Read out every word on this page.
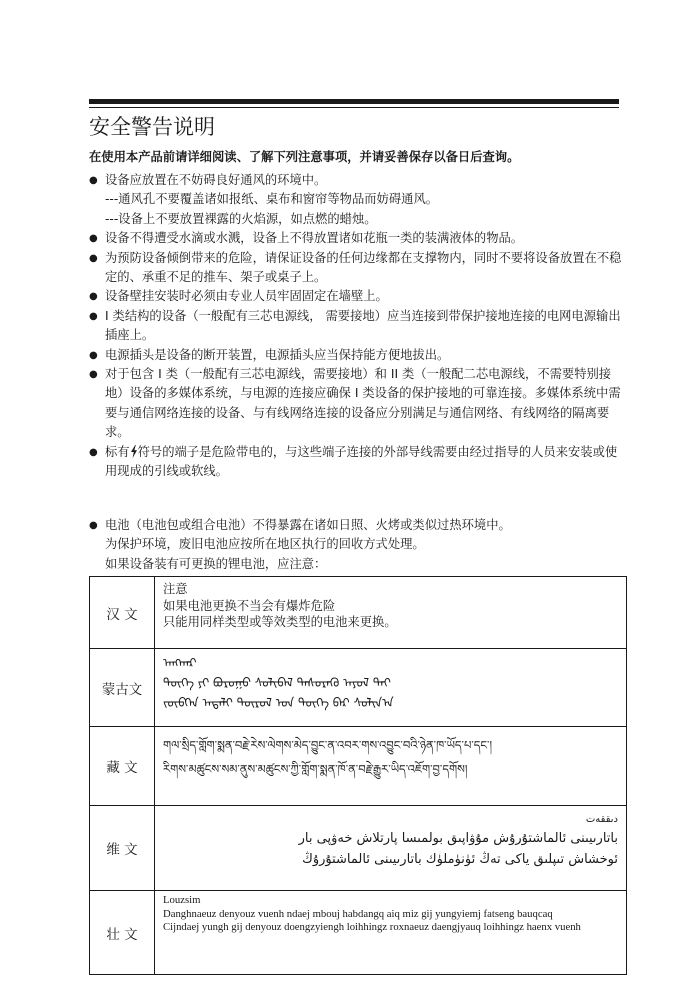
安全警告说明
在使用本产品前请详细阅读、了解下列注意事项，并请妥善保存以备日后查询。

● 设备应放置在不妨碍良好通风的环境中。

---通风孔不要覆盖诸如报纸、桌布和窗帘等物品而妨碍通风。

---设备上不要放置裸露的火焰源，如点燃的蜡烛。

● 设备不得遭受水滴或水溅，设备上不得放置诸如花瓶一类的装满液体的物品。

● 为预防设备倾倒带来的危险，请保证设备的任何边缘都在支撑物内，同时不要将设备放置在不稳定的、承重不足的推车、架子或桌子上。

● 设备壁挂安装时必须由专业人员牢固固定在墙壁上。

● I 类结构的设备（一般配有三芯电源线， 需要接地）应当连接到带保护接地连接的电网电源输出插座上。

● 电源插头是设备的断开装置，电源插头应当保持能方便地拔出。

● 对于包含 I 类（一般配有三芯电源线，需要接地）和 II 类（一般配二芯电源线，不需要特别接地）设备的多媒体系统，与电源的连接应确保 I 类设备的保护接地的可靠连接。多媒体系统中需要与通信网络连接的设备、与有线网络连接的设备应分别满足与通信网络、有线网络的隔离要求。

● 标有 符号的端子是危险带电的，与这些端子连接的外部导线需要由经过指导的人员来安装或使用现成的引线或软线。

● 电池（电池包或组合电池）不得暴露在诸如日照、火烤或类似过热环境中。

为保护环境，废旧电池应按所在地区执行的回收方式处理。

如果设备装有可更换的锂电池，应注意：

汉 文	注意
如果电池更换不当会有爆炸危险
只能用同样类型或等效类型的电池来更换。

蒙古文	ᠠᠩᠬᠠᠷ
ᠲᠦᠭᠡ ᠶᠢ ᠪᠤᠷᠤᠭᠤ ᠰᠣᠯᠢᠪᠠᠯ ᠲᠡᠰᠦᠷᠡᠬᠦ ᠠᠶᠤᠯ ᠲᠠᠢ
ᠵᠥᠪᠬᠡᠨ ᠠᠳᠠᠯᠢ ᠲᠥᠷᠥᠯ ᠤᠨ ᠲᠦᠭᠡ ᠪᠡᠷ ᠰᠣᠯᠢᠨ᠎ᠠ

藏 文	གལ་སྲིད་གློག་སྨན་བརྗེ་རེས་ལེགས་མེད་བྱུང་ན་འབར་གས་འབྱུང་བའི་ཉེན་ཁ་ཡོད་པ་དང་།
རིགས་མཚུངས་སམ་ནུས་མཚུངས་ཀྱི་གློག་སྨན་ཁོ་ན་བརྗེ་རྒྱུར་ཡིད་འཇོག་བྱ་དགོས།

维 文	دىققەت
باتارىيىنى ئالماشتۇرۇش مۇۋاپىق بولمىسا پارتلاش خەۋپى بار
ئوخشاش تىپلىق ياكى تەڭ ئۈنۈملۈك باتارىيىنى ئالماشتۇرۇڭ

壮 文	Louzsim
Danghnaeuz denyouz vuenh ndaej mbouj habdangq aiq miz gij yungyiemj fatseng bauqcaq
Cijndaej yungh gij denyouz doengzyiengh loihhingz roxnaeuz daengjyauq loihhingz haenx vuenh
